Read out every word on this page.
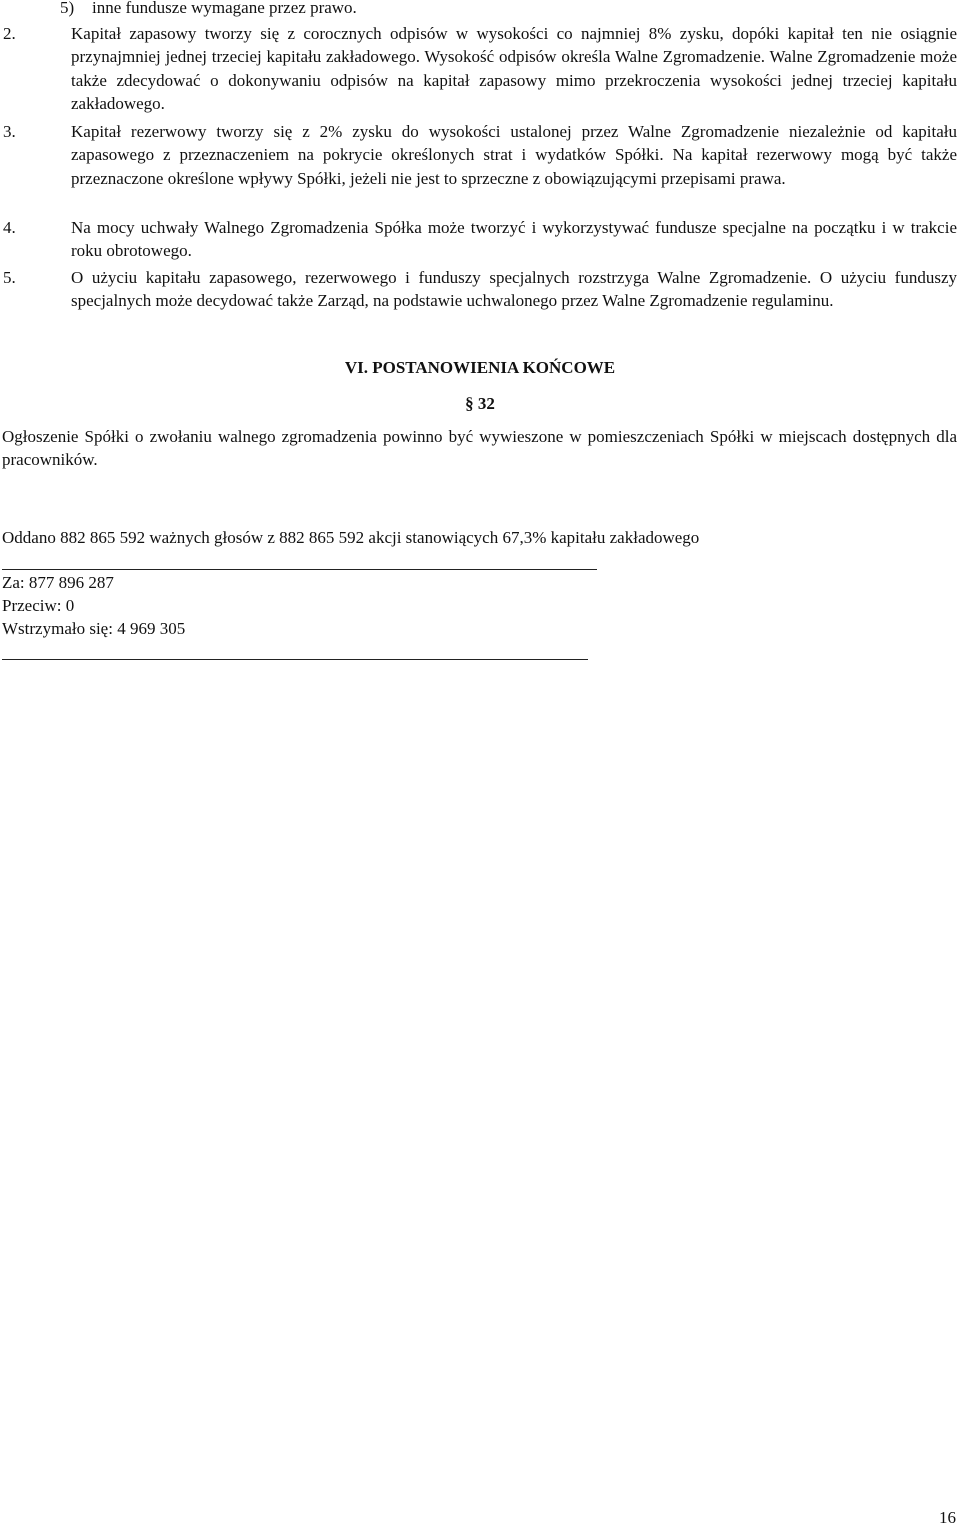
5) inne fundusze wymagane przez prawo.
2.	Kapitał zapasowy tworzy się z corocznych odpisów w wysokości co najmniej 8% zysku, dopóki kapitał ten nie osiągnie przynajmniej jednej trzeciej kapitału zakładowego. Wysokość odpisów określa Walne Zgromadzenie. Walne Zgromadzenie może także zdecydować o dokonywaniu odpisów na kapitał zapasowy mimo przekroczenia wysokości jednej trzeciej kapitału zakładowego.
3.	Kapitał rezerwowy tworzy się z 2% zysku do wysokości ustalonej przez Walne Zgromadzenie niezależnie od kapitału zapasowego z przeznaczeniem na pokrycie określonych strat i wydatków Spółki. Na kapitał rezerwowy mogą być także przeznaczone określone wpływy Spółki, jeżeli nie jest to sprzeczne z obowiązującymi przepisami prawa.
4.	Na mocy uchwały Walnego Zgromadzenia Spółka może tworzyć i wykorzystywać fundusze specjalne na początku i w trakcie roku obrotowego.
5.	O użyciu kapitału zapasowego, rezerwowego i funduszy specjalnych rozstrzyga Walne Zgromadzenie. O użyciu funduszy specjalnych może decydować także Zarząd, na podstawie uchwalonego przez Walne Zgromadzenie regulaminu.
VI. POSTANOWIENIA KOŃCOWE
§ 32
Ogłoszenie Spółki o zwołaniu walnego zgromadzenia powinno być wywieszone w pomieszczeniach Spółki w miejscach dostępnych dla pracowników.
Oddano 882 865 592 ważnych głosów z 882 865 592 akcji stanowiących 67,3% kapitału zakładowego
Za: 877 896 287
Przeciw: 0
Wstrzymało się: 4 969 305
16
